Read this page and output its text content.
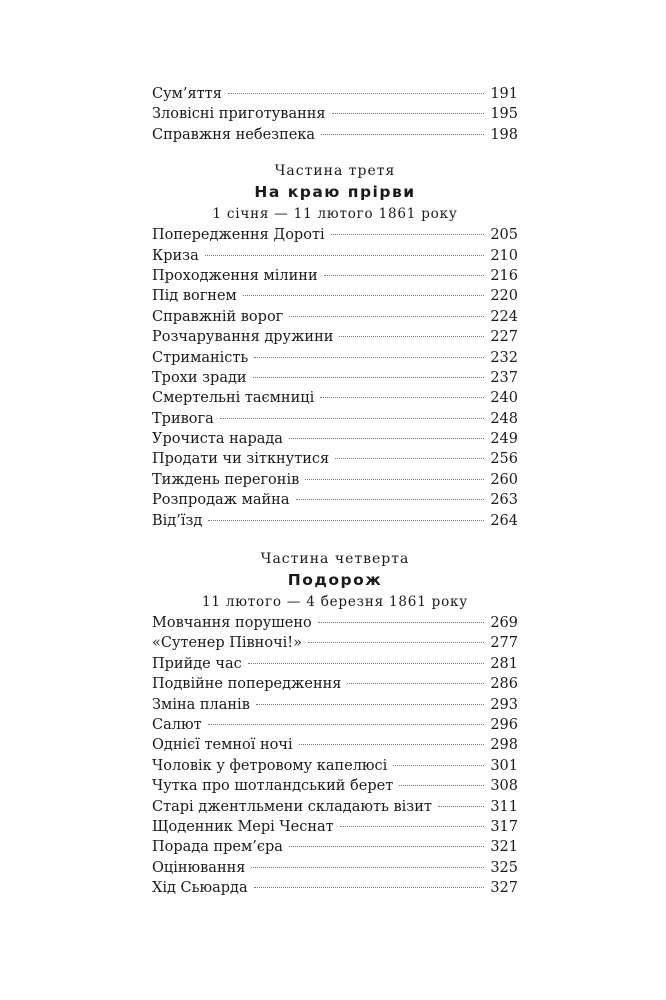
Сум’яття	191
Зловісні приготування	195
Справжня небезпека	198
Частина третя
На краю прірви
1 січня — 11 лютого 1861 року
Попередження Дороті	205
Криза	210
Проходження мілини	216
Під вогнем	220
Справжній ворог	224
Розчарування дружини	227
Стриманість	232
Трохи зради	237
Смертельні таємниці	240
Тривога	248
Урочиста нарада	249
Продати чи зіткнутися	256
Тиждень перегонів	260
Розпродаж майна	263
Від’їзд	264
Частина четверта
Подорож
11 лютого — 4 березня 1861 року
Мовчання порушено	269
«Сутенер Півночі!»	277
Прийде час	281
Подвійне попередження	286
Зміна планів	293
Салют	296
Однієї темної ночі	298
Чоловік у фетровому капелюсі	301
Чутка про шотландський берет	308
Старі джентльмени складають візит	311
Щоденник Мері Чеснат	317
Порада прем’єра	321
Оцінювання	325
Хід Сьюарда	327
